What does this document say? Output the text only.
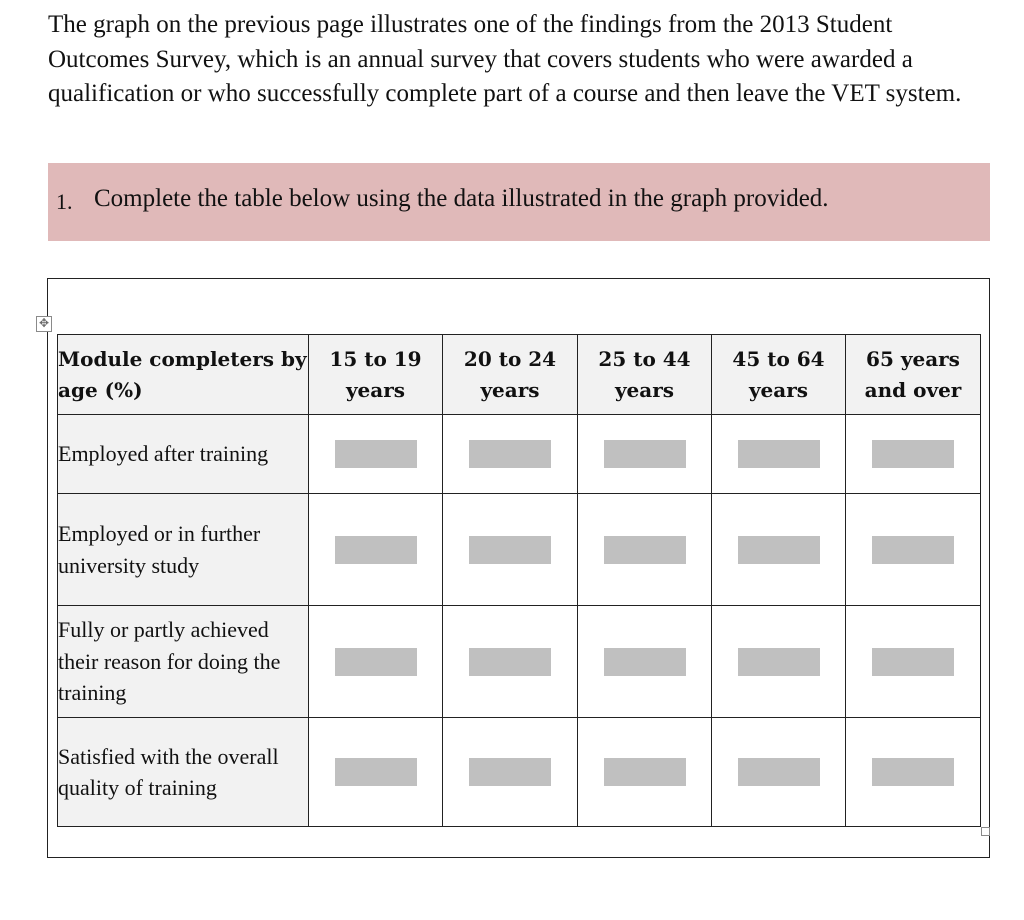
The graph on the previous page illustrates one of the findings from the 2013 Student Outcomes Survey, which is an annual survey that covers students who were awarded a qualification or who successfully complete part of a course and then leave the VET system.

1. Complete the table below using the data illustrated in the graph provided.
✥
Module completers by age (%)	15 to 19 years	20 to 24 years	25 to 44 years	45 to 64 years	65 years and over
Employed after training					
Employed or in further university study					
Fully or partly achieved their reason for doing the training					
Satisfied with the overall quality of training					
